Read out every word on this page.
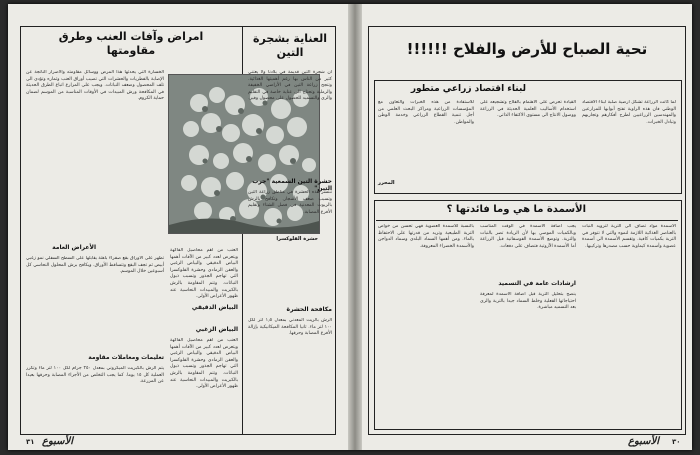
امراض وآفات العنب وطرق
مقاومتها
حشرة الفلوكسرا
الخسارة التي يحدثها هذا المرض ووسائل مقاومته والأضرار الناتجة عن الإصابة بالفطريات والحشرات التي تصيب أوراق العنب وثماره وتؤدي الى تلف المحصول وضعف النباتات. ويجب على المزارع اتباع الطرق الحديثة في المكافحة ورش المبيدات في الأوقات المناسبة من الموسم لضمان حماية الكروم.
الأعراض العامة	العنب من أهم محاصيل الفاكهة ويتعرض لعدد كبير من الآفات أهمها البياض الدقيقي والبياض الزغبي والعفن الرمادي وحشرة الفلوكسرا التي تهاجم الجذور وتسبب ذبول النباتات. وتتم المقاومة بالرش بالكبريت والمبيدات النحاسية عند ظهور الأعراض الأولى.
البياض الدقيقي
تظهر على الأوراق بقع صفراء باهتة يقابلها على السطح السفلي نمو زغبي أبيض ثم تجف البقع وتتساقط الأوراق. ويكافح برش المحلول النحاسي كل أسبوعين خلال الموسم.
تعليمات ومعاملات مقاومة
يتم الرش بالكبريت الميكروني بمعدل ٢٥٠ جرام لكل ١٠٠ لتر ماء وتكرر العملية كل ١٥ يوما. كما يجب التخلص من الأجزاء المصابة وحرقها بعيدا عن المزرعة.
البياض الزغبي
العنب من أهم محاصيل الفاكهة ويتعرض لعدد كبير من الآفات أهمها البياض الدقيقي والبياض الزغبي والعفن الرمادي وحشرة الفلوكسرا التي تهاجم الجذور وتسبب ذبول النباتات. وتتم المقاومة بالرش بالكبريت والمبيدات النحاسية عند ظهور الأعراض الأولى.
العناية بشجرة
التين
ان شجرة التين قديمة في بلادنا ولا يعتني كثير من الناس بها رغم أهميتها الغذائية. وتنجح زراعة التين في الأراضي الخفيفة والرملية وتحتاج الى عناية خاصة في التقليم والري والتسميد للحصول على محصول وفير.
حشرة التين الشمعية "جرب التين"
تنتشر هذه الحشرة في مناطق زراعة التين وتسبب ضعف الأشجار. وتكافح بالرش بالزيوت المعدنية في فصل الشتاء وتقليم الأفرع المصابة.
مكافحة الحشرة
الرش بالزيت المعدني بمعدل ١٫٥ لتر لكل ١٠٠ لتر ماء. ثانيا المكافحة الميكانيكية بإزالة الأفرع المصابة وحرقها.
٣١ الأسبوع
تحية الصباح للأرض والفلاح !!!!!!
لبناء اقتصاد زراعي متطور
لما كانت الزراعة تشكل أرضية صلبة لبناء الاقتصاد الوطني فان هذه الزاوية تفتح أبوابها للمزارعين والمهندسين الزراعيين لطرح أفكارهم وتجاربهم وتبادل الخبرات.
القيادة تحرص على الاهتمام بالفلاح وتشجيعه على استخدام الأساليب العلمية الحديثة في الزراعة ووصول الانتاج الى مستوى الاكتفاء الذاتي.
للاستفادة من هذه الخبرات والتعاون مع المؤسسات الزراعية ومراكز البحث العلمي من أجل تنمية القطاع الزراعي وخدمة الوطن والمواطن.
المحرر
الأسمدة ما هي وما فائدتها ؟
الأسمدة مواد تضاف الى التربة لتزويد النبات بالعناصر الغذائية اللازمة لنموه والتي لا تتوفر في التربة بكميات كافية. وتقسم الأسمدة الى أسمدة عضوية وأسمدة كيماوية حسب مصدرها وتركيبها.
يجب اضافة الأسمدة في الوقت المناسب وبالكميات الموصى بها لأن الزيادة تضر بالنبات والتربة. وتوضع الأسمدة الفوسفاتية قبل الزراعة أما الأسمدة الآزوتية فتضاف على دفعات.
ارشادات عامة في التسميد
ينصح بتحليل التربة قبل اضافة الأسمدة لمعرفة احتياجاتها الفعلية وخلط السماد جيدا بالتربة والري بعد التسميد مباشرة.
بالنسبة للأسمدة العضوية فهي تحسن من خواص التربة الطبيعية وتزيد من قدرتها على الاحتفاظ بالماء. ومن أهمها السماد البلدي وسماد الدواجن والأسمدة الخضراء المعروفة.
الأسبوع ٣٠
